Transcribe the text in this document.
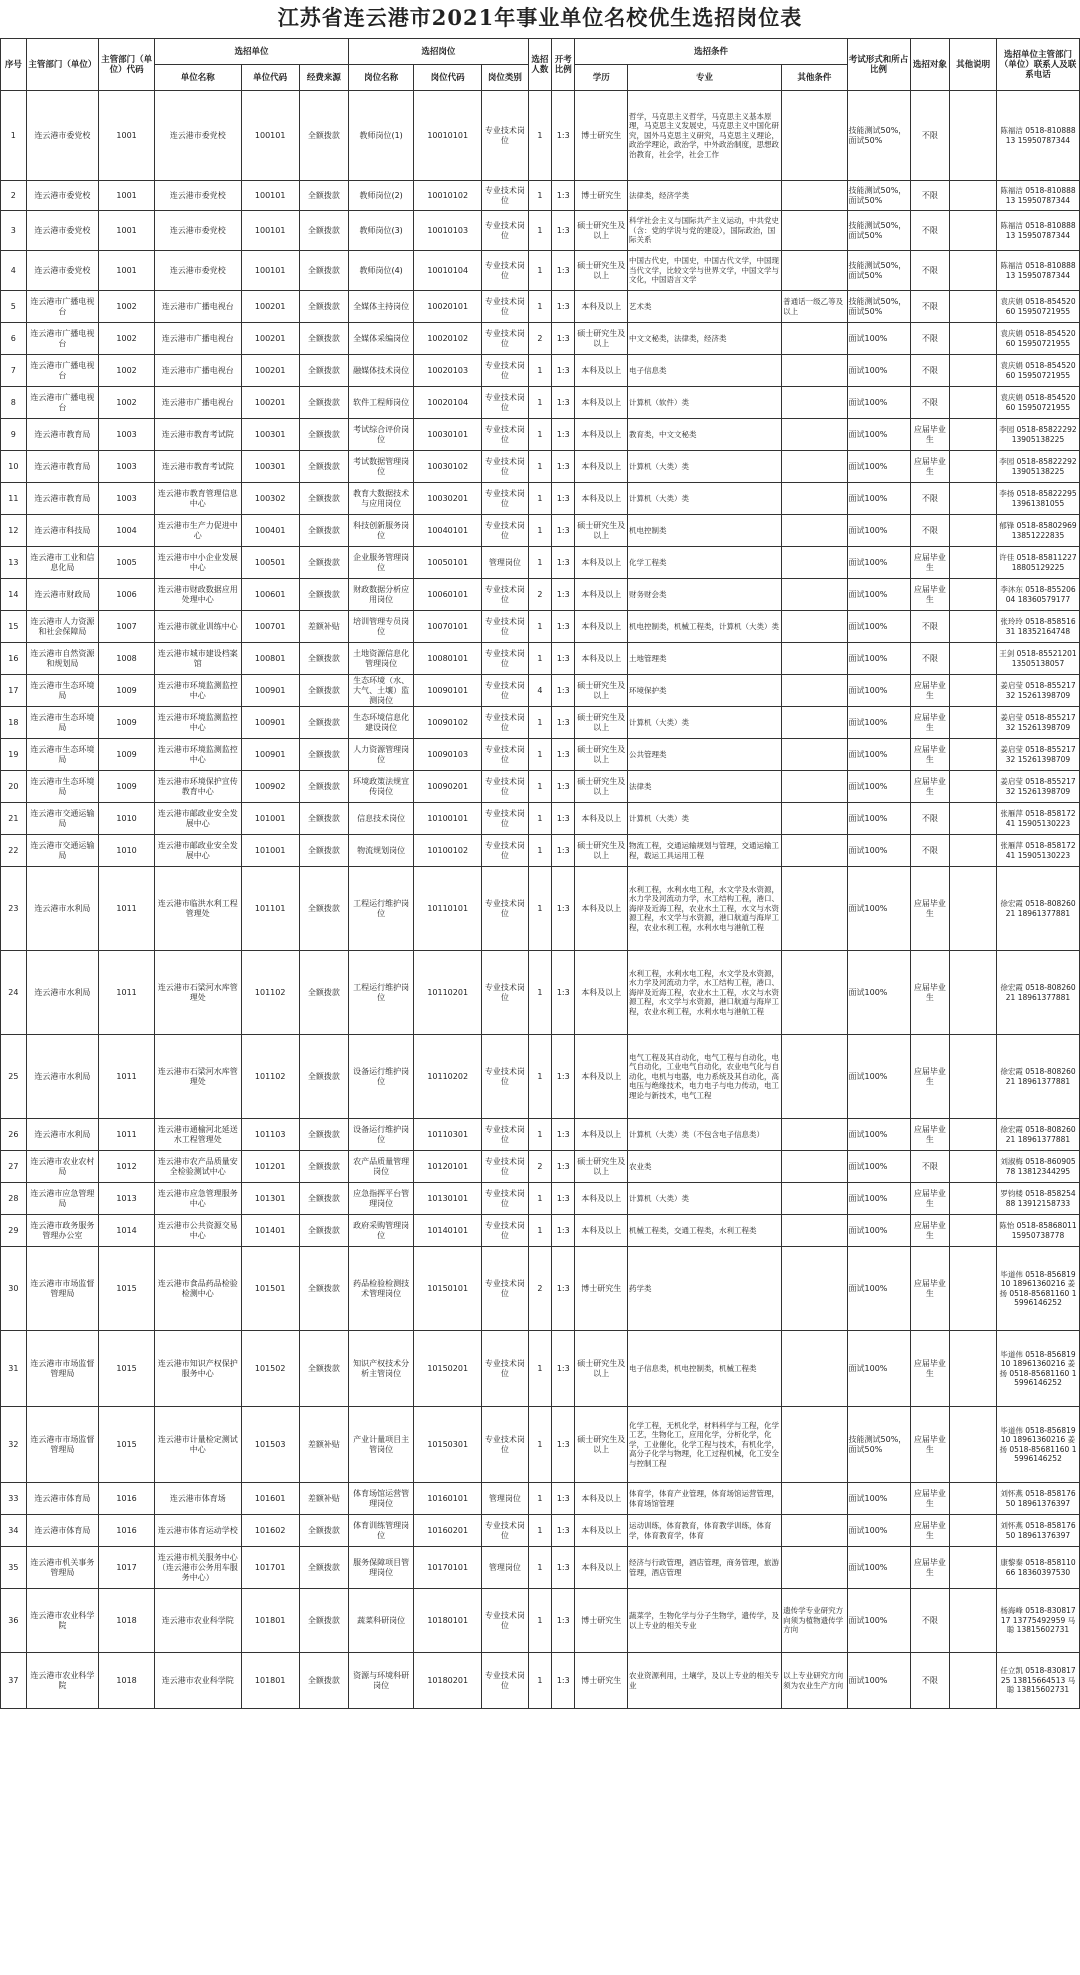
江苏省连云港市2021年事业单位名校优生选招岗位表
序号	主管部门（单位）	主管部门（单位）代码	选招单位			选招岗位			选招人数	开考比例	选招条件			考试形式和所占比例	选招对象	其他说明	选招单位主管部门（单位）联系人及联系电话
			单位名称	单位代码	经费来源	岗位名称	岗位代码	岗位类别			学历	专业	其他条件				
1	连云港市委党校	1001	连云港市委党校	100101	全额拨款	教师岗位(1)	10010101	专业技术岗位	1	1:3	博士研究生	哲学，马克思主义哲学，马克思主义基本原理，马克思主义发展史，马克思主义中国化研究，国外马克思主义研究，马克思主义理论，政治学理论，政治学，中外政治制度，思想政治教育，社会学，社会工作		技能测试50%，面试50%	不限		陈福洁 0518-81088813 15950787344
2	连云港市委党校	1001	连云港市委党校	100101	全额拨款	教师岗位(2)	10010102	专业技术岗位	1	1:3	博士研究生	法律类，经济学类		技能测试50%，面试50%	不限		陈福洁 0518-81088813 15950787344
3	连云港市委党校	1001	连云港市委党校	100101	全额拨款	教师岗位(3)	10010103	专业技术岗位	1	1:3	硕士研究生及以上	科学社会主义与国际共产主义运动，中共党史（含：党的学说与党的建设），国际政治，国际关系		技能测试50%，面试50%	不限		陈福洁 0518-81088813 15950787344
4	连云港市委党校	1001	连云港市委党校	100101	全额拨款	教师岗位(4)	10010104	专业技术岗位	1	1:3	硕士研究生及以上	中国古代史，中国史，中国古代文学，中国现当代文学，比较文学与世界文学，中国文学与文化，中国语言文学		技能测试50%，面试50%	不限		陈福洁 0518-81088813 15950787344
5	连云港市广播电视台	1002	连云港市广播电视台	100201	全额拨款	全媒体主持岗位	10020101	专业技术岗位	1	1:3	本科及以上	艺术类	普通话一级乙等及以上	技能测试50%，面试50%	不限		袁庆娟 0518-85452060 15950721955
6	连云港市广播电视台	1002	连云港市广播电视台	100201	全额拨款	全媒体采编岗位	10020102	专业技术岗位	2	1:3	硕士研究生及以上	中文文秘类，法律类，经济类		面试100%	不限		袁庆娟 0518-85452060 15950721955
7	连云港市广播电视台	1002	连云港市广播电视台	100201	全额拨款	融媒体技术岗位	10020103	专业技术岗位	1	1:3	本科及以上	电子信息类		面试100%	不限		袁庆娟 0518-85452060 15950721955
8	连云港市广播电视台	1002	连云港市广播电视台	100201	全额拨款	软件工程师岗位	10020104	专业技术岗位	1	1:3	本科及以上	计算机（软件）类		面试100%	不限		袁庆娟 0518-85452060 15950721955
9	连云港市教育局	1003	连云港市教育考试院	100301	全额拨款	考试综合评价岗位	10030101	专业技术岗位	1	1:3	本科及以上	教育类，中文文秘类		面试100%	应届毕业生		李园 0518-85822292 13905138225
10	连云港市教育局	1003	连云港市教育考试院	100301	全额拨款	考试数据管理岗位	10030102	专业技术岗位	1	1:3	本科及以上	计算机（大类）类		面试100%	应届毕业生		李园 0518-85822292 13905138225
11	连云港市教育局	1003	连云港市教育管理信息中心	100302	全额拨款	教育大数据技术与应用岗位	10030201	专业技术岗位	1	1:3	本科及以上	计算机（大类）类		面试100%	不限		李扬 0518-85822295 13961381055
12	连云港市科技局	1004	连云港市生产力促进中心	100401	全额拨款	科技创新服务岗位	10040101	专业技术岗位	1	1:3	硕士研究生及以上	机电控制类		面试100%	不限		郁锋 0518-85802969 13851222835
13	连云港市工业和信息化局	1005	连云港市中小企业发展中心	100501	全额拨款	企业服务管理岗位	10050101	管理岗位	1	1:3	本科及以上	化学工程类		面试100%	应届毕业生		许佳 0518-85811227 18805129225
14	连云港市财政局	1006	连云港市财政数据应用处理中心	100601	全额拨款	财政数据分析应用岗位	10060101	专业技术岗位	2	1:3	本科及以上	财务财会类		面试100%	应届毕业生		李沐东 0518-85520604 18360579177
15	连云港市人力资源和社会保障局	1007	连云港市就业训练中心	100701	差额补贴	培训管理专员岗位	10070101	专业技术岗位	1	1:3	本科及以上	机电控制类，机械工程类，计算机（大类）类		面试100%	不限		张玲玲 0518-85851631 18352164748
16	连云港市自然资源和规划局	1008	连云港市城市建设档案馆	100801	全额拨款	土地资源信息化管理岗位	10080101	专业技术岗位	1	1:3	本科及以上	土地管理类		面试100%	不限		王剑 0518-85521201 13505138057
17	连云港市生态环境局	1009	连云港市环境监测监控中心	100901	全额拨款	生态环境（水、大气、土壤）监测岗位	10090101	专业技术岗位	4	1:3	硕士研究生及以上	环境保护类		面试100%	应届毕业生		姜启莹 0518-85521732 15261398709
18	连云港市生态环境局	1009	连云港市环境监测监控中心	100901	全额拨款	生态环境信息化建设岗位	10090102	专业技术岗位	1	1:3	硕士研究生及以上	计算机（大类）类		面试100%	应届毕业生		姜启莹 0518-85521732 15261398709
19	连云港市生态环境局	1009	连云港市环境监测监控中心	100901	全额拨款	人力资源管理岗位	10090103	专业技术岗位	1	1:3	硕士研究生及以上	公共管理类		面试100%	应届毕业生		姜启莹 0518-85521732 15261398709
20	连云港市生态环境局	1009	连云港市环境保护宣传教育中心	100902	全额拨款	环境政策法规宣传岗位	10090201	专业技术岗位	1	1:3	硕士研究生及以上	法律类		面试100%	应届毕业生		姜启莹 0518-85521732 15261398709
21	连云港市交通运输局	1010	连云港市邮政业安全发展中心	101001	全额拨款	信息技术岗位	10100101	专业技术岗位	1	1:3	本科及以上	计算机（大类）类		面试100%	不限		张雁萍 0518-85817241 15905130223
22	连云港市交通运输局	1010	连云港市邮政业安全发展中心	101001	全额拨款	物流规划岗位	10100102	专业技术岗位	1	1:3	硕士研究生及以上	物流工程，交通运输规划与管理，交通运输工程，载运工具运用工程		面试100%	不限		张雁萍 0518-85817241 15905130223
23	连云港市水利局	1011	连云港市临洪水利工程管理处	101101	全额拨款	工程运行维护岗位	10110101	专业技术岗位	1	1:3	本科及以上	水利工程，水利水电工程，水文学及水资源，水力学及河流动力学，水工结构工程，港口、海岸及近海工程，农业水土工程，水文与水资源工程，水文学与水资源，港口航道与海岸工程，农业水利工程，水利水电与港航工程		面试100%	应届毕业生		徐宏霞 0518-80826021 18961377881
24	连云港市水利局	1011	连云港市石梁河水库管理处	101102	全额拨款	工程运行维护岗位	10110201	专业技术岗位	1	1:3	本科及以上	水利工程，水利水电工程，水文学及水资源，水力学及河流动力学，水工结构工程，港口、海岸及近海工程，农业水土工程，水文与水资源工程，水文学与水资源，港口航道与海岸工程，农业水利工程，水利水电与港航工程		面试100%	应届毕业生		徐宏霞 0518-80826021 18961377881
25	连云港市水利局	1011	连云港市石梁河水库管理处	101102	全额拨款	设备运行维护岗位	10110202	专业技术岗位	1	1:3	本科及以上	电气工程及其自动化，电气工程与自动化，电气自动化，工业电气自动化，农业电气化与自动化，电机与电器，电力系统及其自动化，高电压与绝缘技术，电力电子与电力传动，电工理论与新技术，电气工程		面试100%	应届毕业生		徐宏霞 0518-80826021 18961377881
26	连云港市水利局	1011	连云港市通榆河北延送水工程管理处	101103	全额拨款	设备运行维护岗位	10110301	专业技术岗位	1	1:3	本科及以上	计算机（大类）类（不包含电子信息类）		面试100%	应届毕业生		徐宏霞 0518-80826021 18961377881
27	连云港市农业农村局	1012	连云港市农产品质量安全检验测试中心	101201	全额拨款	农产品质量管理岗位	10120101	专业技术岗位	2	1:3	硕士研究生及以上	农业类		面试100%	不限		刘淑梅 0518-86090578 13812344295
28	连云港市应急管理局	1013	连云港市应急管理服务中心	101301	全额拨款	应急指挥平台管理岗位	10130101	专业技术岗位	1	1:3	本科及以上	计算机（大类）类		面试100%	应届毕业生		罗钧楼 0518-85825488 13912158733
29	连云港市政务服务管理办公室	1014	连云港市公共资源交易中心	101401	全额拨款	政府采购管理岗位	10140101	专业技术岗位	1	1:3	本科及以上	机械工程类，交通工程类，水利工程类		面试100%	应届毕业生		陈怡 0518-85868011 15950738778
30	连云港市市场监督管理局	1015	连云港市食品药品检验检测中心	101501	全额拨款	药品检验检测技术管理岗位	10150101	专业技术岗位	2	1:3	博士研究生	药学类		面试100%	应届毕业生		毕道伟 0518-85681910 18961360216 姜扬 0518-85681160 15996146252
31	连云港市市场监督管理局	1015	连云港市知识产权保护服务中心	101502	全额拨款	知识产权技术分析主管岗位	10150201	专业技术岗位	1	1:3	硕士研究生及以上	电子信息类，机电控制类，机械工程类		面试100%	应届毕业生		毕道伟 0518-85681910 18961360216 姜扬 0518-85681160 15996146252
32	连云港市市场监督管理局	1015	连云港市计量检定测试中心	101503	差额补贴	产业计量项目主管岗位	10150301	专业技术岗位	1	1:3	硕士研究生及以上	化学工程，无机化学，材料科学与工程，化学工艺，生物化工，应用化学，分析化学，化学，工业催化，化学工程与技术，有机化学，高分子化学与物理，化工过程机械，化工安全与控制工程		技能测试50%，面试50%	应届毕业生		毕道伟 0518-85681910 18961360216 姜扬 0518-85681160 15996146252
33	连云港市体育局	1016	连云港市体育场	101601	差额补贴	体育场馆运营管理岗位	10160101	管理岗位	1	1:3	本科及以上	体育学，体育产业管理，体育场馆运营管理，体育场馆管理		面试100%	应届毕业生		刘怀燕 0518-85817650 18961376397
34	连云港市体育局	1016	连云港市体育运动学校	101602	全额拨款	体育训练管理岗位	10160201	专业技术岗位	1	1:3	本科及以上	运动训练，体育教育，体育教学训练，体育学，体育教育学，体育		面试100%	应届毕业生		刘怀燕 0518-85817650 18961376397
35	连云港市机关事务管理局	1017	连云港市机关服务中心（连云港市公务用车服务中心）	101701	全额拨款	服务保障项目管理岗位	10170101	管理岗位	1	1:3	本科及以上	经济与行政管理，酒店管理，商务管理，旅游管理，酒店管理		面试100%	应届毕业生		康黎秦 0518-85811066 18360397530
36	连云港市农业科学院	1018	连云港市农业科学院	101801	全额拨款	蔬菜科研岗位	10180101	专业技术岗位	1	1:3	博士研究生	蔬菜学，生物化学与分子生物学，遗传学，及以上专业的相关专业	遗传学专业研究方向须为植物遗传学方向	面试100%	不限		杨海峰 0518-83081717 13775492959 马聪 13815602731
37	连云港市农业科学院	1018	连云港市农业科学院	101801	全额拨款	资源与环境科研岗位	10180201	专业技术岗位	1	1:3	博士研究生	农业资源利用，土壤学，及以上专业的相关专业	以上专业研究方向须为农业生产方向	面试100%	不限		任立凯 0518-83081725 13815664513 马聪 13815602731
